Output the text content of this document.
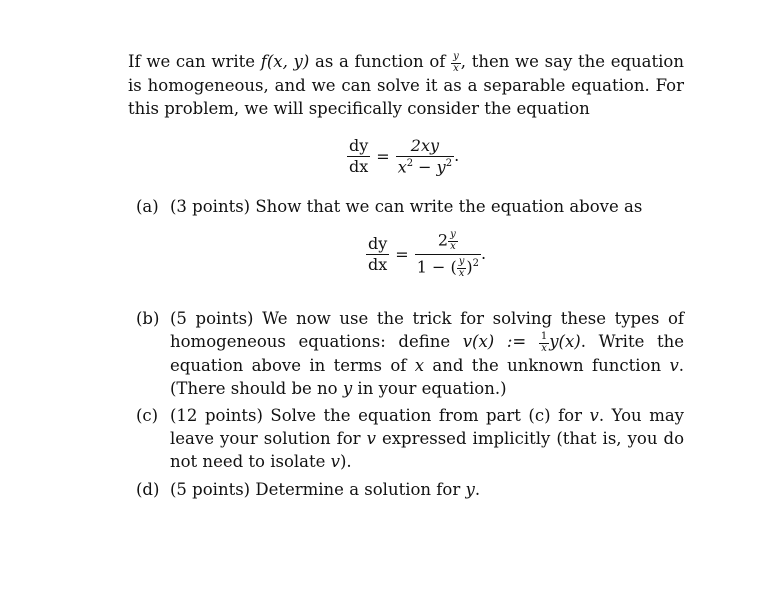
If we can write f(x, y) as a function of $\frac{y}{x}$ , then we say the equation is homogeneous, and we can solve it as a separable equation. For this problem, we will specifically consider the equation

$\frac{dy}{dx} = \frac{2xy}{x^2 - y^2}$ .
(a) (3 points) Show that we can write the equation above as
$\frac{dy}{dx} = \frac{2 \frac{y}{x}}{1 - ( \frac{y}{x} )^2}$ .
(b) (5 points) We now use the trick for solving these types of homogeneous equations: define v(x) := $\frac{1}{x} y(x)$. Write the equation above in terms of x and the unknown function v. (There should be no y in your equation.)
(c) (12 points) Solve the equation from part (c) for v. You may leave your solution for v expressed implicitly (that is, you do not need to isolate v).
(d) (5 points) Determine a solution for y.
